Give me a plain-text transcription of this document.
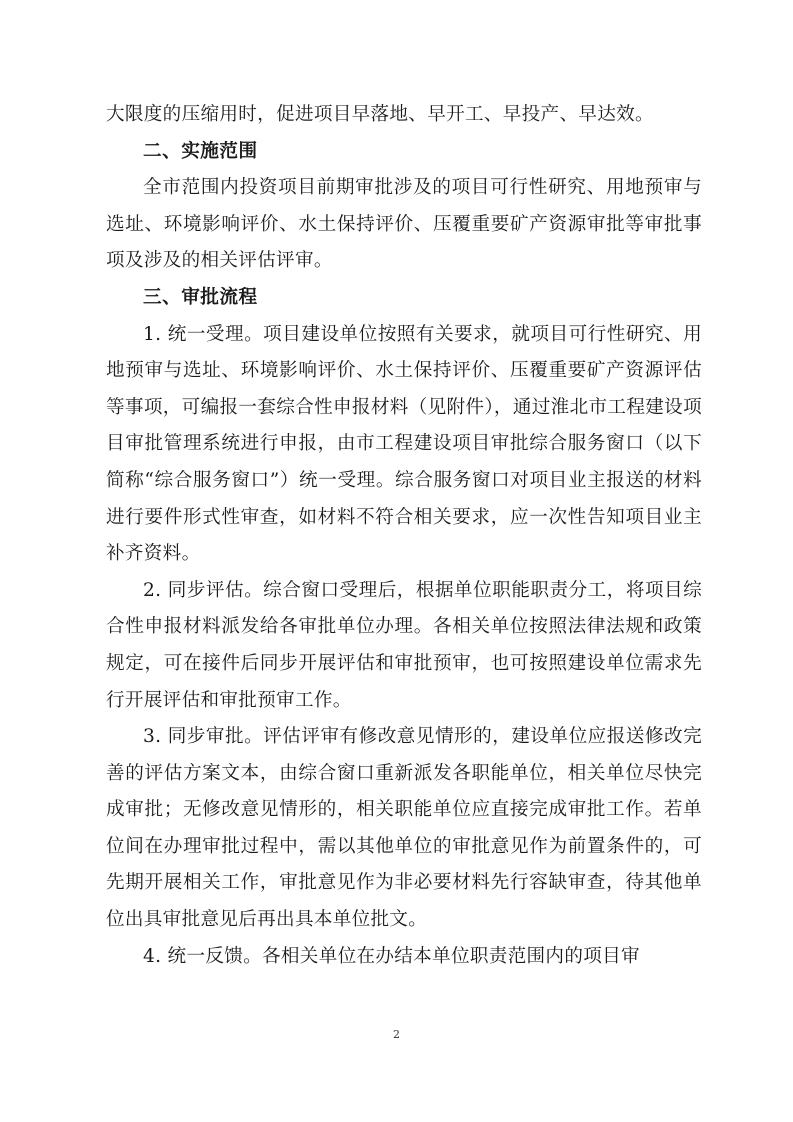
大限度的压缩用时，促进项目早落地、早开工、早投产、早达效。

二、实施范围

全市范围内投资项目前期审批涉及的项目可行性研究、用地预审与选址、环境影响评价、水土保持评价、压覆重要矿产资源审批等审批事项及涉及的相关评估评审。

三、审批流程

1. 统一受理。项目建设单位按照有关要求，就项目可行性研究、用地预审与选址、环境影响评价、水土保持评价、压覆重要矿产资源评估等事项，可编报一套综合性申报材料（见附件），通过淮北市工程建设项目审批管理系统进行申报，由市工程建设项目审批综合服务窗口（以下简称“综合服务窗口”）统一受理。综合服务窗口对项目业主报送的材料进行要件形式性审查，如材料不符合相关要求，应一次性告知项目业主补齐资料。

2. 同步评估。综合窗口受理后，根据单位职能职责分工，将项目综合性申报材料派发给各审批单位办理。各相关单位按照法律法规和政策规定，可在接件后同步开展评估和审批预审，也可按照建设单位需求先行开展评估和审批预审工作。

3. 同步审批。评估评审有修改意见情形的，建设单位应报送修改完善的评估方案文本，由综合窗口重新派发各职能单位，相关单位尽快完成审批；无修改意见情形的，相关职能单位应直接完成审批工作。若单位间在办理审批过程中，需以其他单位的审批意见作为前置条件的，可先期开展相关工作，审批意见作为非必要材料先行容缺审查，待其他单位出具审批意见后再出具本单位批文。

4. 统一反馈。各相关单位在办结本单位职责范围内的项目审

2
